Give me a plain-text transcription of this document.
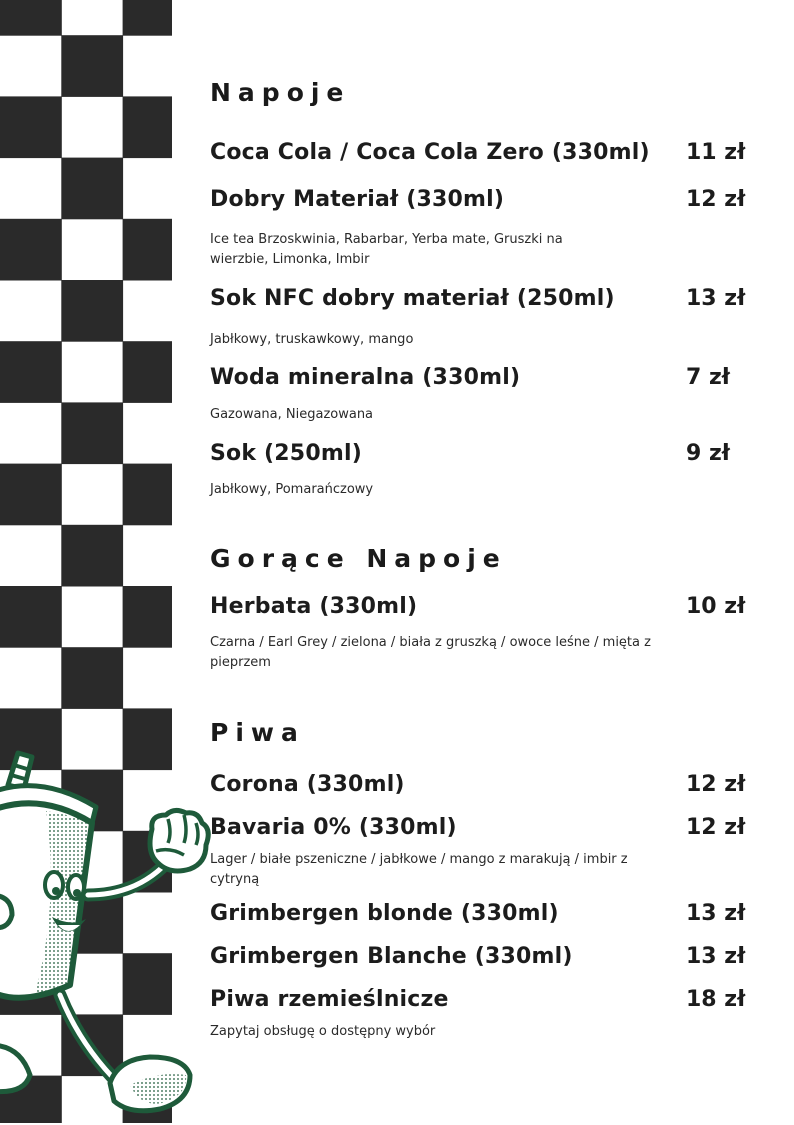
Napoje
Coca Cola / Coca Cola Zero (330ml) 11 zł
Dobry Materiał (330ml)	12 zł
Ice tea Brzoskwinia, Rabarbar, Yerba mate, Gruszki na wierzbie, Limonka, Imbir
Sok NFC dobry materiał (250ml)	13 zł
Jabłkowy, truskawkowy, mango
Woda mineralna (330ml)	7 zł
Gazowana, Niegazowana
Sok (250ml)	9 zł
Jabłkowy, Pomarańczowy
Gorące Napoje
Herbata (330ml)	10 zł
Czarna / Earl Grey / zielona / biała z gruszką / owoce leśne / mięta z pieprzem
Piwa
Corona (330ml)	12 zł
Bavaria 0% (330ml)	12 zł
Lager / białe pszeniczne / jabłkowe / mango z marakują / imbir z cytryną
Grimbergen blonde (330ml)	13 zł
Grimbergen Blanche (330ml)	13 zł
Piwa rzemieślnicze	18 zł
Zapytaj obsługę o dostępny wybór
